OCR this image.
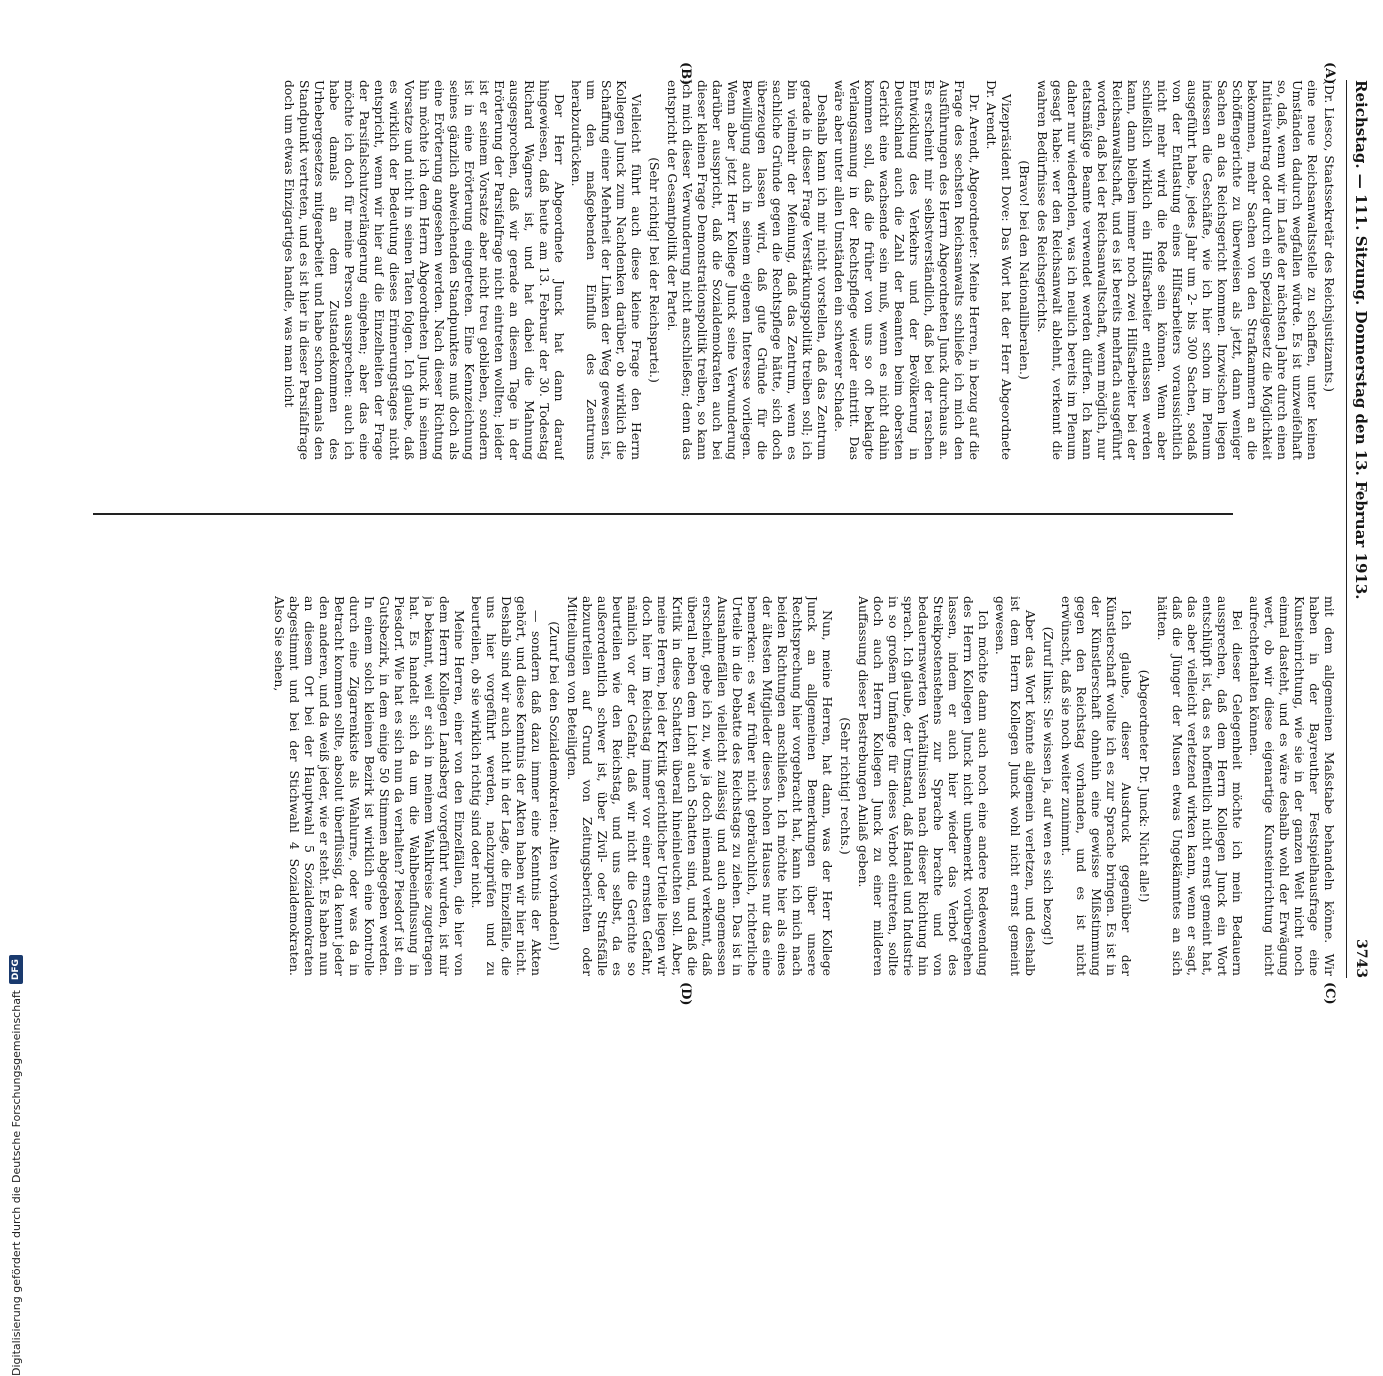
Digitalisierung gefördert durch die Deutsche Forschungsgemeinschaft
DFG
Reichstag. — 111. Sitzung. Donnerstag den 13. Februar 1913.
3743
(A)
(B)
(C)
(D)

(Dr. Liesco, Staatssekretär des Reichsjustizamts.)

eine neue Reichsanwaltsstelle zu schaffen, unter keinen Umständen dadurch wegfallen würde. Es ist unzweifelhaft so, daß, wenn wir im Laufe der nächsten Jahre durch einen Initiativantrag oder durch ein Spezialgesetz die Möglichkeit bekommen, mehr Sachen von den Strafkammern an die Schöffengerichte zu überweisen als jetzt, dann weniger Sachen an das Reichsgericht kommen. Inzwischen liegen indessen die Geschäfte, wie ich hier schon im Plenum ausgeführt habe, jedes Jahr um 2- bis 300 Sachen, sodaß von der Entlastung eines Hilfsarbeiters voraussichtlich nicht mehr wird die Rede sein können. Wenn aber schließlich wirklich ein Hilfsarbeiter entlassen werden kann, dann bleiben immer noch zwei Hilfsarbeiter bei der Reichsanwaltschaft, und es ist bereits mehrfach ausgeführt worden, daß bei der Reichsanwaltschaft, wenn möglich, nur etatsmäßige Beamte verwendet werden dürfen. Ich kann daher nur wiederholen, was ich neulich bereits im Plenum gesagt habe: wer den Reichsanwalt ablehnt, verkennt die wahren Bedürfnisse des Reichsgerichts.

(Bravo! bei den Nationalliberalen.)

Vizepräsident Dove: Das Wort hat der Herr Abgeordnete Dr. Arendt.

Dr. Arendt, Abgeordneter: Meine Herren, in bezug auf die Frage des sechsten Reichsanwalts schließe ich mich den Ausführungen des Herrn Abgeordneten Junck durchaus an. Es erscheint mir selbstverständlich, daß bei der raschen Entwicklung des Verkehrs und der Bevölkerung in Deutschland auch die Zahl der Beamten beim obersten Gericht eine wachsende sein muß, wenn es nicht dahin kommen soll, daß die früher von uns so oft beklagte Verlangsamung in der Rechtspflege wieder eintritt. Das wäre aber unter allen Umständen ein schwerer Schade.

Deshalb kann ich mir nicht vorstellen, daß das Zentrum gerade in dieser Frage Verstärkungspolitik treiben soll; ich bin vielmehr der Meinung, daß das Zentrum, wenn es sachliche Gründe gegen die Rechtspflege hätte, sich doch überzeugen lassen wird, daß gute Gründe für die Bewilligung auch in seinem eigenen Interesse vorliegen. Wenn aber jetzt Herr Kollege Junck seine Verwunderung darüber ausspricht, daß die Sozialdemokraten auch bei dieser kleinen Frage Demonstrationspolitik treiben, so kann ich mich dieser Verwunderung nicht anschließen; denn das entspricht der Gesamtpolitik der Partei.

(Sehr richtig! bei der Reichspartei.)

Vielleicht führt auch diese kleine Frage den Herrn Kollegen Junck zum Nachdenken darüber, ob wirklich die Schaffung einer Mehrheit der Linken der Weg gewesen ist, um den maßgebenden Einfluß des Zentrums herabzudrücken.

Der Herr Abgeordnete Junck hat dann darauf hingewiesen, daß heute am 13. Februar der 30. Todestag Richard Wagners ist, und hat dabei die Mahnung ausgesprochen, daß wir gerade an diesem Tage in der Erörterung der Parsifalfrage nicht eintreten wollten; leider ist er seinem Vorsatze aber nicht treu geblieben, sondern ist in eine Erörterung eingetreten. Eine Kennzeichnung seines gänzlich abweichenden Standpunktes muß doch als eine Erörterung angesehen werden. Nach dieser Richtung hin möchte ich dem Herrn Abgeordneten Junck in seinem Vorsatze und nicht in seinen Taten folgen. Ich glaube, daß es wirklich der Bedeutung dieses Erinnerungstages nicht entspricht, wenn wir hier auf die Einzelheiten der Frage der Parsifalschutzverlängerung eingehen; aber das eine möchte ich doch für meine Person aussprechen: auch ich habe damals an dem Zustandekommen des Urhebergesetzes mitgearbeitet und habe schon damals den Standpunkt vertreten, und es ist hier in dieser Parsifalfrage doch um etwas Einzigartiges handle, was man nicht

mit dem allgemeinen Maßstabe behandeln könne. Wir haben in der Bayreuther Festspielhausfrage eine Kunsteinrichtung, wie sie in der ganzen Welt nicht noch einmal dasteht, und es wäre deshalb wohl der Erwägung wert, ob wir diese eigenartige Kunsteinrichtung nicht aufrechterhalten können.

Bei dieser Gelegenheit möchte ich mein Bedauern aussprechen, daß dem Herrn Kollegen Junck ein Wort entschlüpft ist, das es hoffentlich nicht ernst gemeint hat, das aber vielleicht verletzend wirken kann, wenn er sagt, daß die Jünger der Musen etwas Ungekämmtes an sich hätten.

(Abgeordneter Dr. Junck: Nicht alle!)

Ich glaube, dieser Ausdruck gegenüber der Künstlerschaft wollte ich es zur Sprache bringen. Es ist in der Künstlerschaft ohnehin eine gewisse Mißstimmung gegen den Reichstag vorhanden, und es ist nicht erwünscht, daß sie noch weiter zunimmt.

(Zuruf links: Sie wissen ja, auf wen es sich bezog!)

Aber das Wort könnte allgemein verletzen, und deshalb ist dem Herrn Kollegen Junck wohl nicht ernst gemeint gewesen.

Ich möchte dann auch noch eine andere Redewendung des Herrn Kollegen Junck nicht unbemerkt vorübergehen lassen, indem er auch hier wieder das Verbot des Streikpostenstehens zur Sprache brachte und von bedauernswerten Verhältnissen nach dieser Richtung hin sprach. Ich glaube, der Umstand, daß Handel und Industrie in so großem Umfange für dieses Verbot eintreten, sollte doch auch Herrn Kollegen Junck zu einer milderen Auffassung dieser Bestrebungen Anlaß geben.

(Sehr richtig! rechts.)

Nun, meine Herren, hat dann, was der Herr Kollege Junck an allgemeinen Bemerkungen über unsere Rechtsprechung hier vorgebracht hat, kann ich mich nach beiden Richtungen anschließen. Ich möchte hier als eines der ältesten Mitglieder dieses hohen Hauses nur das eine bemerken: es war früher nicht gebräuchlich, richterliche Urteile in die Debatte des Reichstags zu ziehen. Das ist in Ausnahmefällen vielleicht zulässig und auch angemessen erscheint, gebe ich zu, wie ja doch niemand verkennt, daß überall neben dem Licht auch Schatten sind, und daß die Kritik in diese Schatten überall hineinleuchten soll. Aber, meine Herren, bei der Kritik gerichtlicher Urteile liegen wir doch hier im Reichstag immer vor einer ernsten Gefahr, nämlich vor der Gefahr, daß wir nicht die Gerichte so beurteilen wie den Reichstag, und uns selbst, da es außerordentlich schwer ist, über Zivil- oder Strafsfälle abzuurteilen auf Grund von Zeitungsberichten oder Mitteilungen von Beteiligten.

(Zuruf bei den Sozialdemokraten: Alten vorhanden!)

— sondern daß dazu immer eine Kenntnis der Akten gehört, und diese Kenntnis der Akten haben wir hier nicht. Deshalb sind wir auch nicht in der Lage, die Einzelfälle, die uns hier vorgeführt werden, nachzuprüfen und zu beurteilen, ob sie wirklich richtig sind oder nicht.

Meine Herren, einer von den Einzelfällen, die hier von dem Herrn Kollegen Landsberg vorgeführt wurden, ist mir ja bekannt, weil er sich in meinem Wahlkreise zugetragen hat. Es handelt sich da um die Wahlbeeinflussung in Piesdorf. Wie hat es sich nun da verhalten? Piesdorf ist ein Gutsbezirk, in dem einige 50 Stimmen abgegeben werden. In einem solch kleinen Bezirk ist wirklich eine Kontrolle durch eine Zigarrenkiste als Wahlurne, oder was da in Betracht kommen sollte, absolut überflüssig, da kennt jeder den anderen, und da weiß jeder, wie er steht. Es haben nun an diesem Ort bei der Hauptwahl 5 Sozialdemokraten abgestimmt und bei der Stichwahl 4 Sozialdemokraten. Also Sie sehen,
